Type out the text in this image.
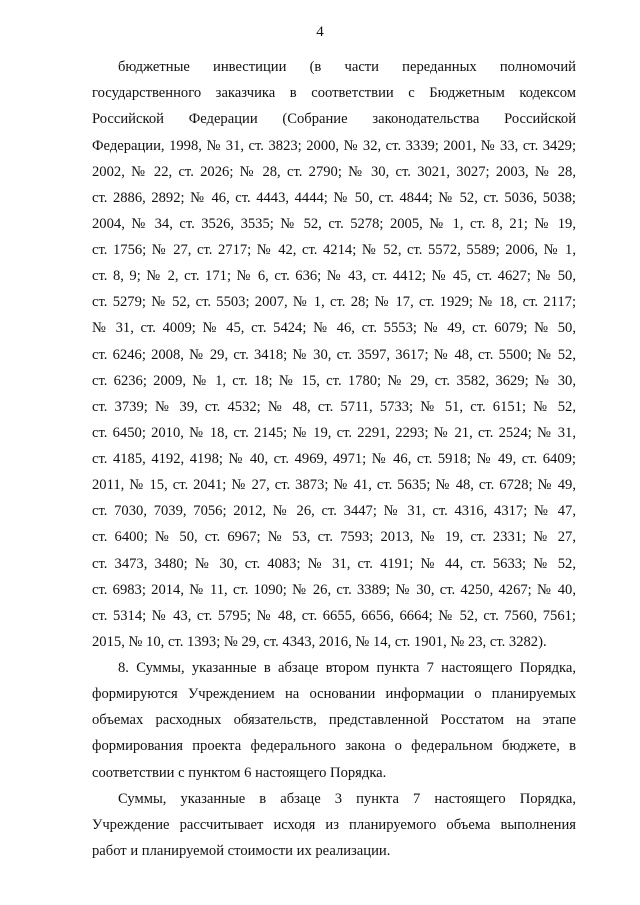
4
бюджетные инвестиции (в части переданных полномочий
государственного заказчика в соответствии с Бюджетным кодексом
Российской Федерации (Собрание законодательства Российской
Федерации, 1998, № 31, ст. 3823; 2000, № 32, ст. 3339; 2001, № 33, ст. 3429;
2002, № 22, ст. 2026; № 28, ст. 2790; № 30, ст. 3021, 3027; 2003, № 28,
ст. 2886, 2892; № 46, ст. 4443, 4444; № 50, ст. 4844; № 52, ст. 5036, 5038;
2004, № 34, ст. 3526, 3535; № 52, ст. 5278; 2005, № 1, ст. 8, 21; № 19,
ст. 1756; № 27, ст. 2717; № 42, ст. 4214; № 52, ст. 5572, 5589; 2006, № 1,
ст. 8, 9; № 2, ст. 171; № 6, ст. 636; № 43, ст. 4412; № 45, ст. 4627; № 50,
ст. 5279; № 52, ст. 5503; 2007, № 1, ст. 28; № 17, ст. 1929; № 18, ст. 2117;
№ 31, ст. 4009; № 45, ст. 5424; № 46, ст. 5553; № 49, ст. 6079; № 50,
ст. 6246; 2008, № 29, ст. 3418; № 30, ст. 3597, 3617; № 48, ст. 5500; № 52,
ст. 6236; 2009, № 1, ст. 18; № 15, ст. 1780; № 29, ст. 3582, 3629; № 30,
ст. 3739; № 39, ст. 4532; № 48, ст. 5711, 5733; № 51, ст. 6151; № 52,
ст. 6450; 2010, № 18, ст. 2145; № 19, ст. 2291, 2293; № 21, ст. 2524; № 31,
ст. 4185, 4192, 4198; № 40, ст. 4969, 4971; № 46, ст. 5918; № 49, ст. 6409;
2011, № 15, ст. 2041; № 27, ст. 3873; № 41, ст. 5635; № 48, ст. 6728; № 49,
ст. 7030, 7039, 7056; 2012, № 26, ст. 3447; № 31, ст. 4316, 4317; № 47,
ст. 6400; № 50, ст. 6967; № 53, ст. 7593; 2013, № 19, ст. 2331; № 27,
ст. 3473, 3480; № 30, ст. 4083; № 31, ст. 4191; № 44, ст. 5633; № 52,
ст. 6983; 2014, № 11, ст. 1090; № 26, ст. 3389; № 30, ст. 4250, 4267; № 40,
ст. 5314; № 43, ст. 5795; № 48, ст. 6655, 6656, 6664; № 52, ст. 7560, 7561;
2015, № 10, ст. 1393; № 29, ст. 4343, 2016, № 14, ст. 1901, № 23, ст. 3282).
8. Суммы, указанные в абзаце втором пункта 7 настоящего Порядка,
формируются Учреждением на основании информации о планируемых
объемах расходных обязательств, представленной Росстатом на этапе
формирования проекта федерального закона о федеральном бюджете, в
соответствии с пунктом 6 настоящего Порядка.
Суммы, указанные в абзаце 3 пункта 7 настоящего Порядка,
Учреждение рассчитывает исходя из планируемого объема выполнения
работ и планируемой стоимости их реализации.
